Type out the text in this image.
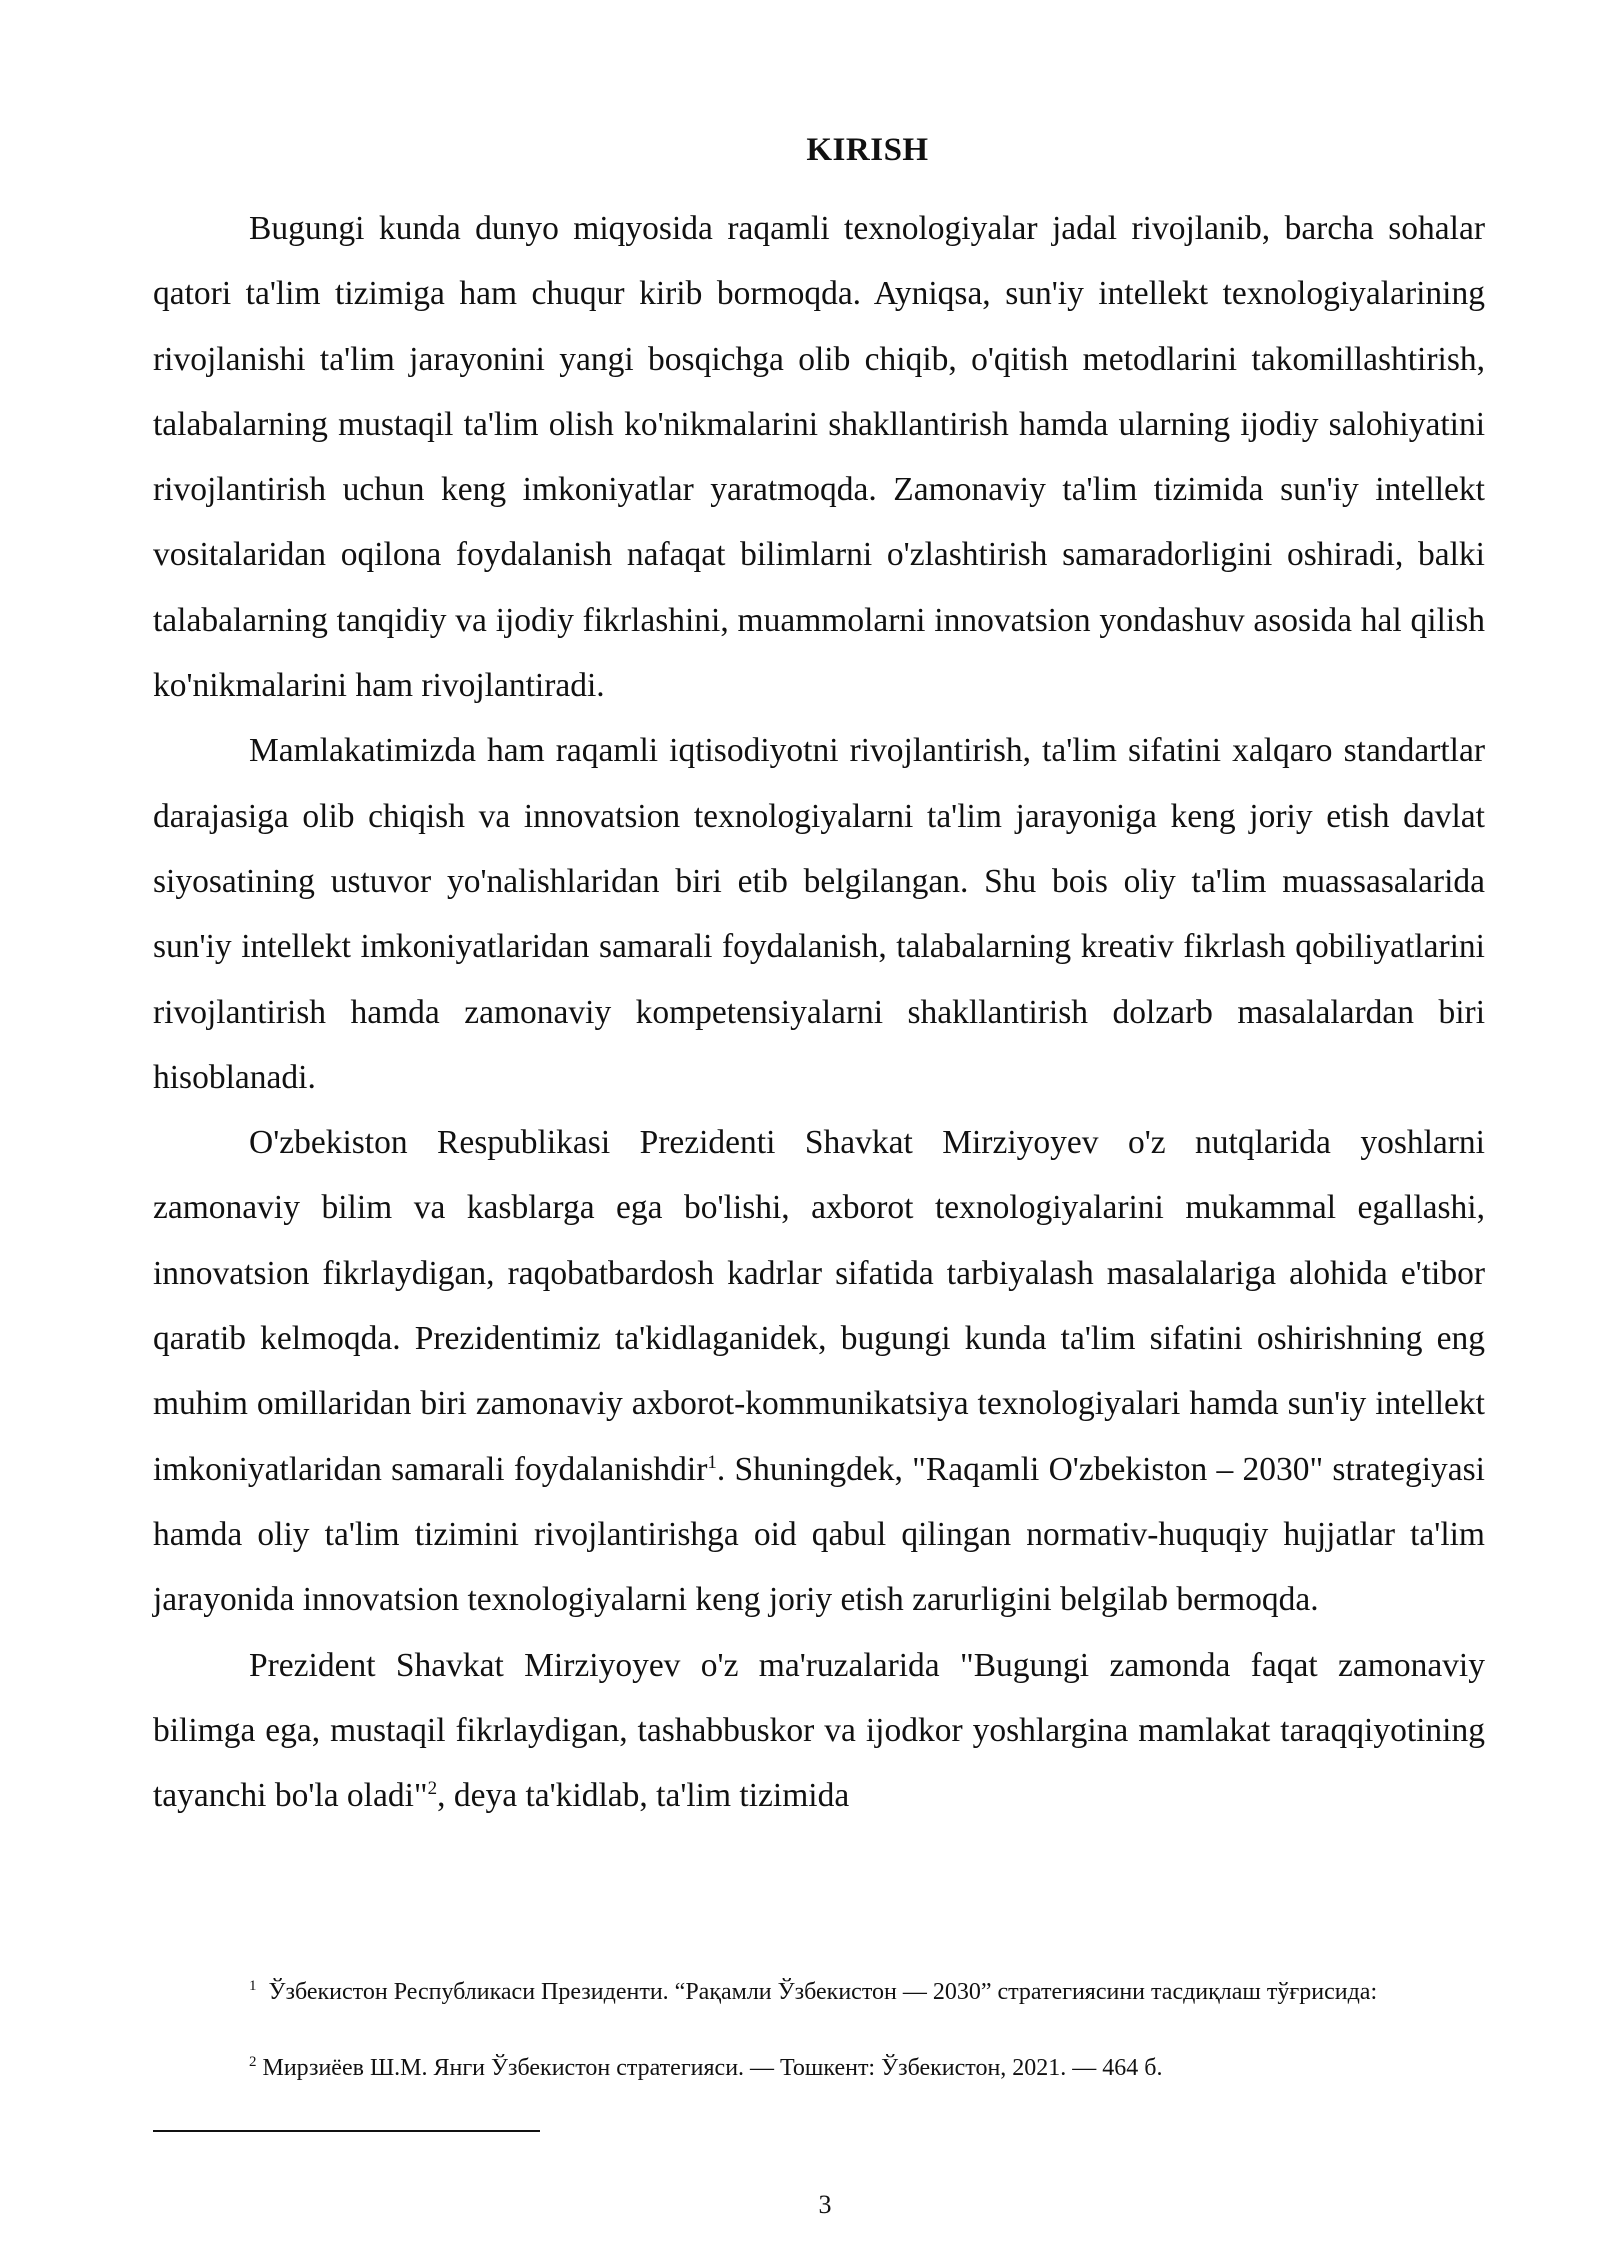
KIRISH

Bugungi kunda dunyo miqyosida raqamli texnologiyalar jadal rivojlanib, barcha sohalar qatori ta'lim tizimiga ham chuqur kirib bormoqda. Ayniqsa, sun'iy intellekt texnologiyalarining rivojlanishi ta'lim jarayonini yangi bosqichga olib chiqib, o'qitish metodlarini takomillashtirish, talabalarning mustaqil ta'lim olish ko'nikmalarini shakllantirish hamda ularning ijodiy salohiyatini rivojlantirish uchun keng imkoniyatlar yaratmoqda. Zamonaviy ta'lim tizimida sun'iy intellekt vositalaridan oqilona foydalanish nafaqat bilimlarni o'zlashtirish samaradorligini oshiradi, balki talabalarning tanqidiy va ijodiy fikrlashini, muammolarni innovatsion yondashuv asosida hal qilish ko'nikmalarini ham rivojlantiradi.

Mamlakatimizda ham raqamli iqtisodiyotni rivojlantirish, ta'lim sifatini xalqaro standartlar darajasiga olib chiqish va innovatsion texnologiyalarni ta'lim jarayoniga keng joriy etish davlat siyosatining ustuvor yo'nalishlaridan biri etib belgilangan. Shu bois oliy ta'lim muassasalarida sun'iy intellekt imkoniyatlaridan samarali foydalanish, talabalarning kreativ fikrlash qobiliyatlarini rivojlantirish hamda zamonaviy kompetensiyalarni shakllantirish dolzarb masalalardan biri hisoblanadi.

O'zbekiston Respublikasi Prezidenti Shavkat Mirziyoyev o'z nutqlarida yoshlarni zamonaviy bilim va kasblarga ega bo'lishi, axborot texnologiyalarini mukammal egallashi, innovatsion fikrlaydigan, raqobatbardosh kadrlar sifatida tarbiyalash masalalariga alohida e'tibor qaratib kelmoqda. Prezidentimiz ta'kidlaganidek, bugungi kunda ta'lim sifatini oshirishning eng muhim omillaridan biri zamonaviy axborot-kommunikatsiya texnologiyalari hamda sun'iy intellekt imkoniyatlaridan samarali foydalanishdir$^1$. Shuningdek, "Raqamli O'zbekiston – 2030" strategiyasi hamda oliy ta'lim tizimini rivojlantirishga oid qabul qilingan normativ-huquqiy hujjatlar ta'lim jarayonida innovatsion texnologiyalarni keng joriy etish zarurligini belgilab bermoqda.

Prezident Shavkat Mirziyoyev o'z ma'ruzalarida "Bugungi zamonda faqat zamonaviy bilimga ega, mustaqil fikrlaydigan, tashabbuskor va ijodkor yoshlargina mamlakat taraqqiyotining tayanchi bo'la oladi"$^2$, deya ta'kidlab, ta'lim tizimida

$^1$ Ўзбекистон Республикаси Президенти. “Рақамли Ўзбекистон — 2030” стратегиясини тасдиқлаш тўғрисида:

$^2$ Мирзиёев Ш.М. Янги Ўзбекистон стратегияси. — Тошкент: Ўзбекистон, 2021. — 464 б.

3
